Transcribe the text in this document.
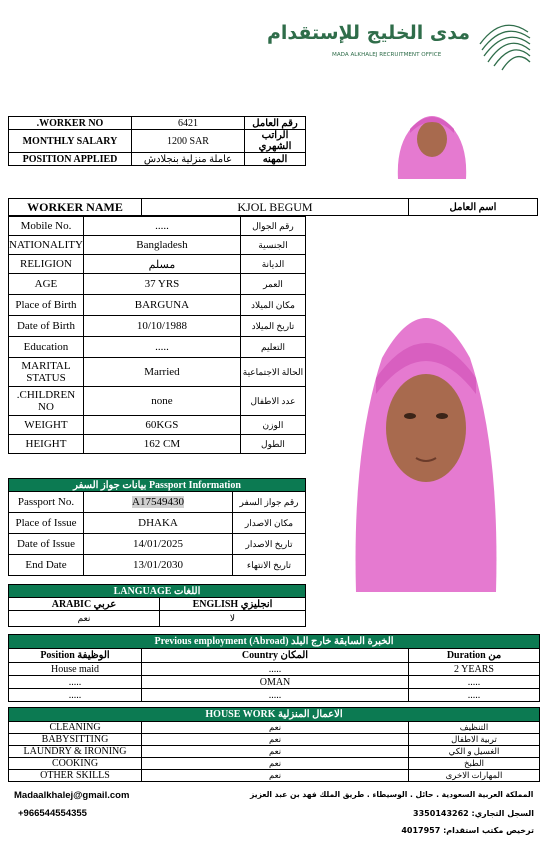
مدى الخليج للإستقدام
MADA ALKHALEJ RECRUITMENT OFFICE
.WORKER NO	6421	رقم العامل
MONTHLY SALARY	1200 SAR	الراتب الشهري
POSITION APPLIED	عاملة منزلية بنجلادش	المهنه
WORKER NAME	KJOL BEGUM	اسم العامل
Mobile No.	.....	رقم الجوال
NATIONALITY	Bangladesh	الجنسية
RELIGION	مسلم	الديانة
AGE	37 YRS	العمر
Place of Birth	BARGUNA	مكان الميلاد
Date of Birth	10/10/1988	تاريخ الميلاد
Education	.....	التعليم
MARITAL STATUS	Married	الحالة الاجتماعية
.CHILDREN NO	none	عدد الاطفال
WEIGHT	60KGS	الوزن
HEIGHT	162 CM	الطول
بيانات جواز السفر Passport Information		
Passport No.	A17549430	رقم جواز السفر
Place of Issue	DHAKA	مكان الاصدار
Date of Issue	14/01/2025	تاريخ الاصدار
End Date	13/01/2030	تاريخ الانتهاء
LANGUAGE اللغات	
ARABIC عربي	ENGLISH انجليزي
نعم	لا
Previous employment (Abroad) الخبرة السابقة خارج البلد		
Position الوظيفة	Country المكان	Duration من
House maid	.....	2 YEARS
.....	OMAN	.....
.....	.....	.....
HOUSE WORK الاعمال المنزلية		
CLEANING	نعم	التنظيف
BABYSITTING	نعم	تربية الاطفال
LAUNDRY & IRONING	نعم	الغسيل و الكي
COOKING	نعم	الطبخ
OTHER SKILLS	نعم	المهارات الاخرى
Madaalkhalej@gmail.com
+966544554355
المملكة العربية السعودية . حائل . الوسيطاء . طريق الملك فهد بن عبد العزيز
السجل التجاري: 3350143262
ترخيص مكتب استقدام: 4017957
